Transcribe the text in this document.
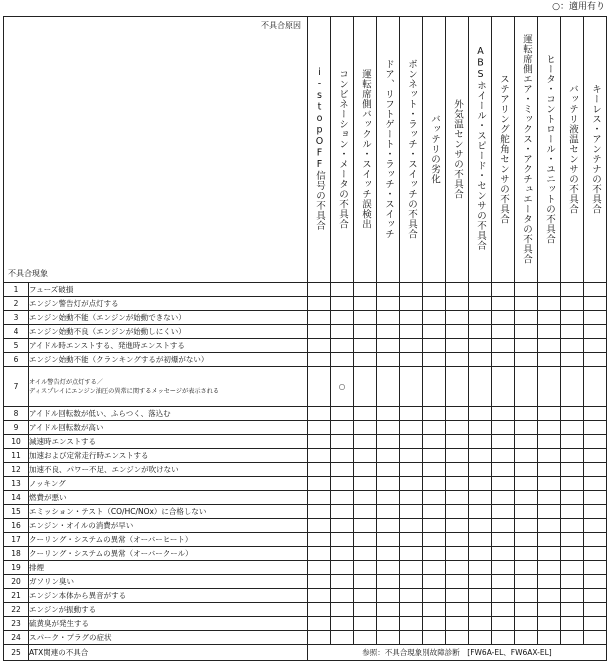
○：適用有り
不具合原因
不具合現象		i-stopOFF信号の不具合	コンビネーション・メータの不具合	運転席側バックル・スイッチ誤検出	ドア、リフトゲート・ラッチ・スイッチ	ボンネット・ラッチ・スイッチの不具合	バッテリの劣化	外気温センサの不具合	ABSホイール・スピード・センサの不具合	ステアリング舵角センサの不具合	運転席側エア・ミックス・アクチュエータの不具合	ヒータ・コントロール・ユニットの不具合	バッテリ液温センサの不具合	キーレス・アンテナの不具合
1	フューズ破損													
2	エンジン警告灯が点灯する													
3	エンジン始動不能（エンジンが始動できない）													
4	エンジン始動不良（エンジンが始動しにくい）													
5	アイドル時エンストする、発進時エンストする													
6	エンジン始動不能（クランキングするが初爆がない）													
7	オイル警告灯が点灯する／
ディスプレイにエンジン油圧の異常に関するメッセージが表示される		○											
8	アイドル回転数が低い、ふらつく、落込む													
9	アイドル回転数が高い													
10	減速時エンストする													
11	加速および定常走行時エンストする													
12	加速不良、パワー不足、エンジンが吹けない													
13	ノッキング													
14	燃費が悪い													
15	エミッション・テスト（CO/HC/NOx）に合格しない													
16	エンジン・オイルの消費が早い													
17	クーリング・システムの異常（オーバーヒート）													
18	クーリング・システムの異常（オーバークール）													
19	排煙													
20	ガソリン臭い													
21	エンジン本体から異音がする													
22	エンジンが振動する													
23	硫黄臭が発生する													
24	スパーク・プラグの症状													
25	ATX関連の不具合	参照：不具合現象別故障診断　[FW6A-EL、FW6AX-EL]												
